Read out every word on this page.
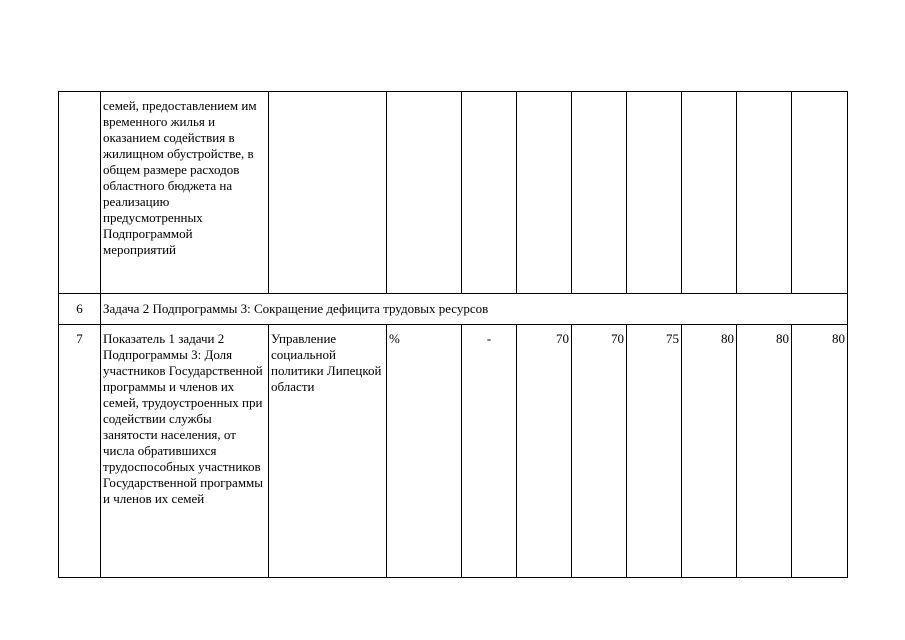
	семей, предоставлением им временного жилья и оказанием содействия в жилищном обустройстве, в общем размере расходов областного бюджета на реализацию предусмотренных Подпрограммой мероприятий									
6	Задача 2 Подпрограммы 3: Сокращение дефицита трудовых ресурсов									
7	Показатель 1 задачи 2 Подпрограммы 3: Доля участников Государственной программы и членов их семей, трудоустроенных при содействии службы занятости населения, от числа обратившихся трудоспособных участников Государственной программы и членов их семей	Управление социальной политики Липецкой области	%	-	70	70	75	80	80	80
